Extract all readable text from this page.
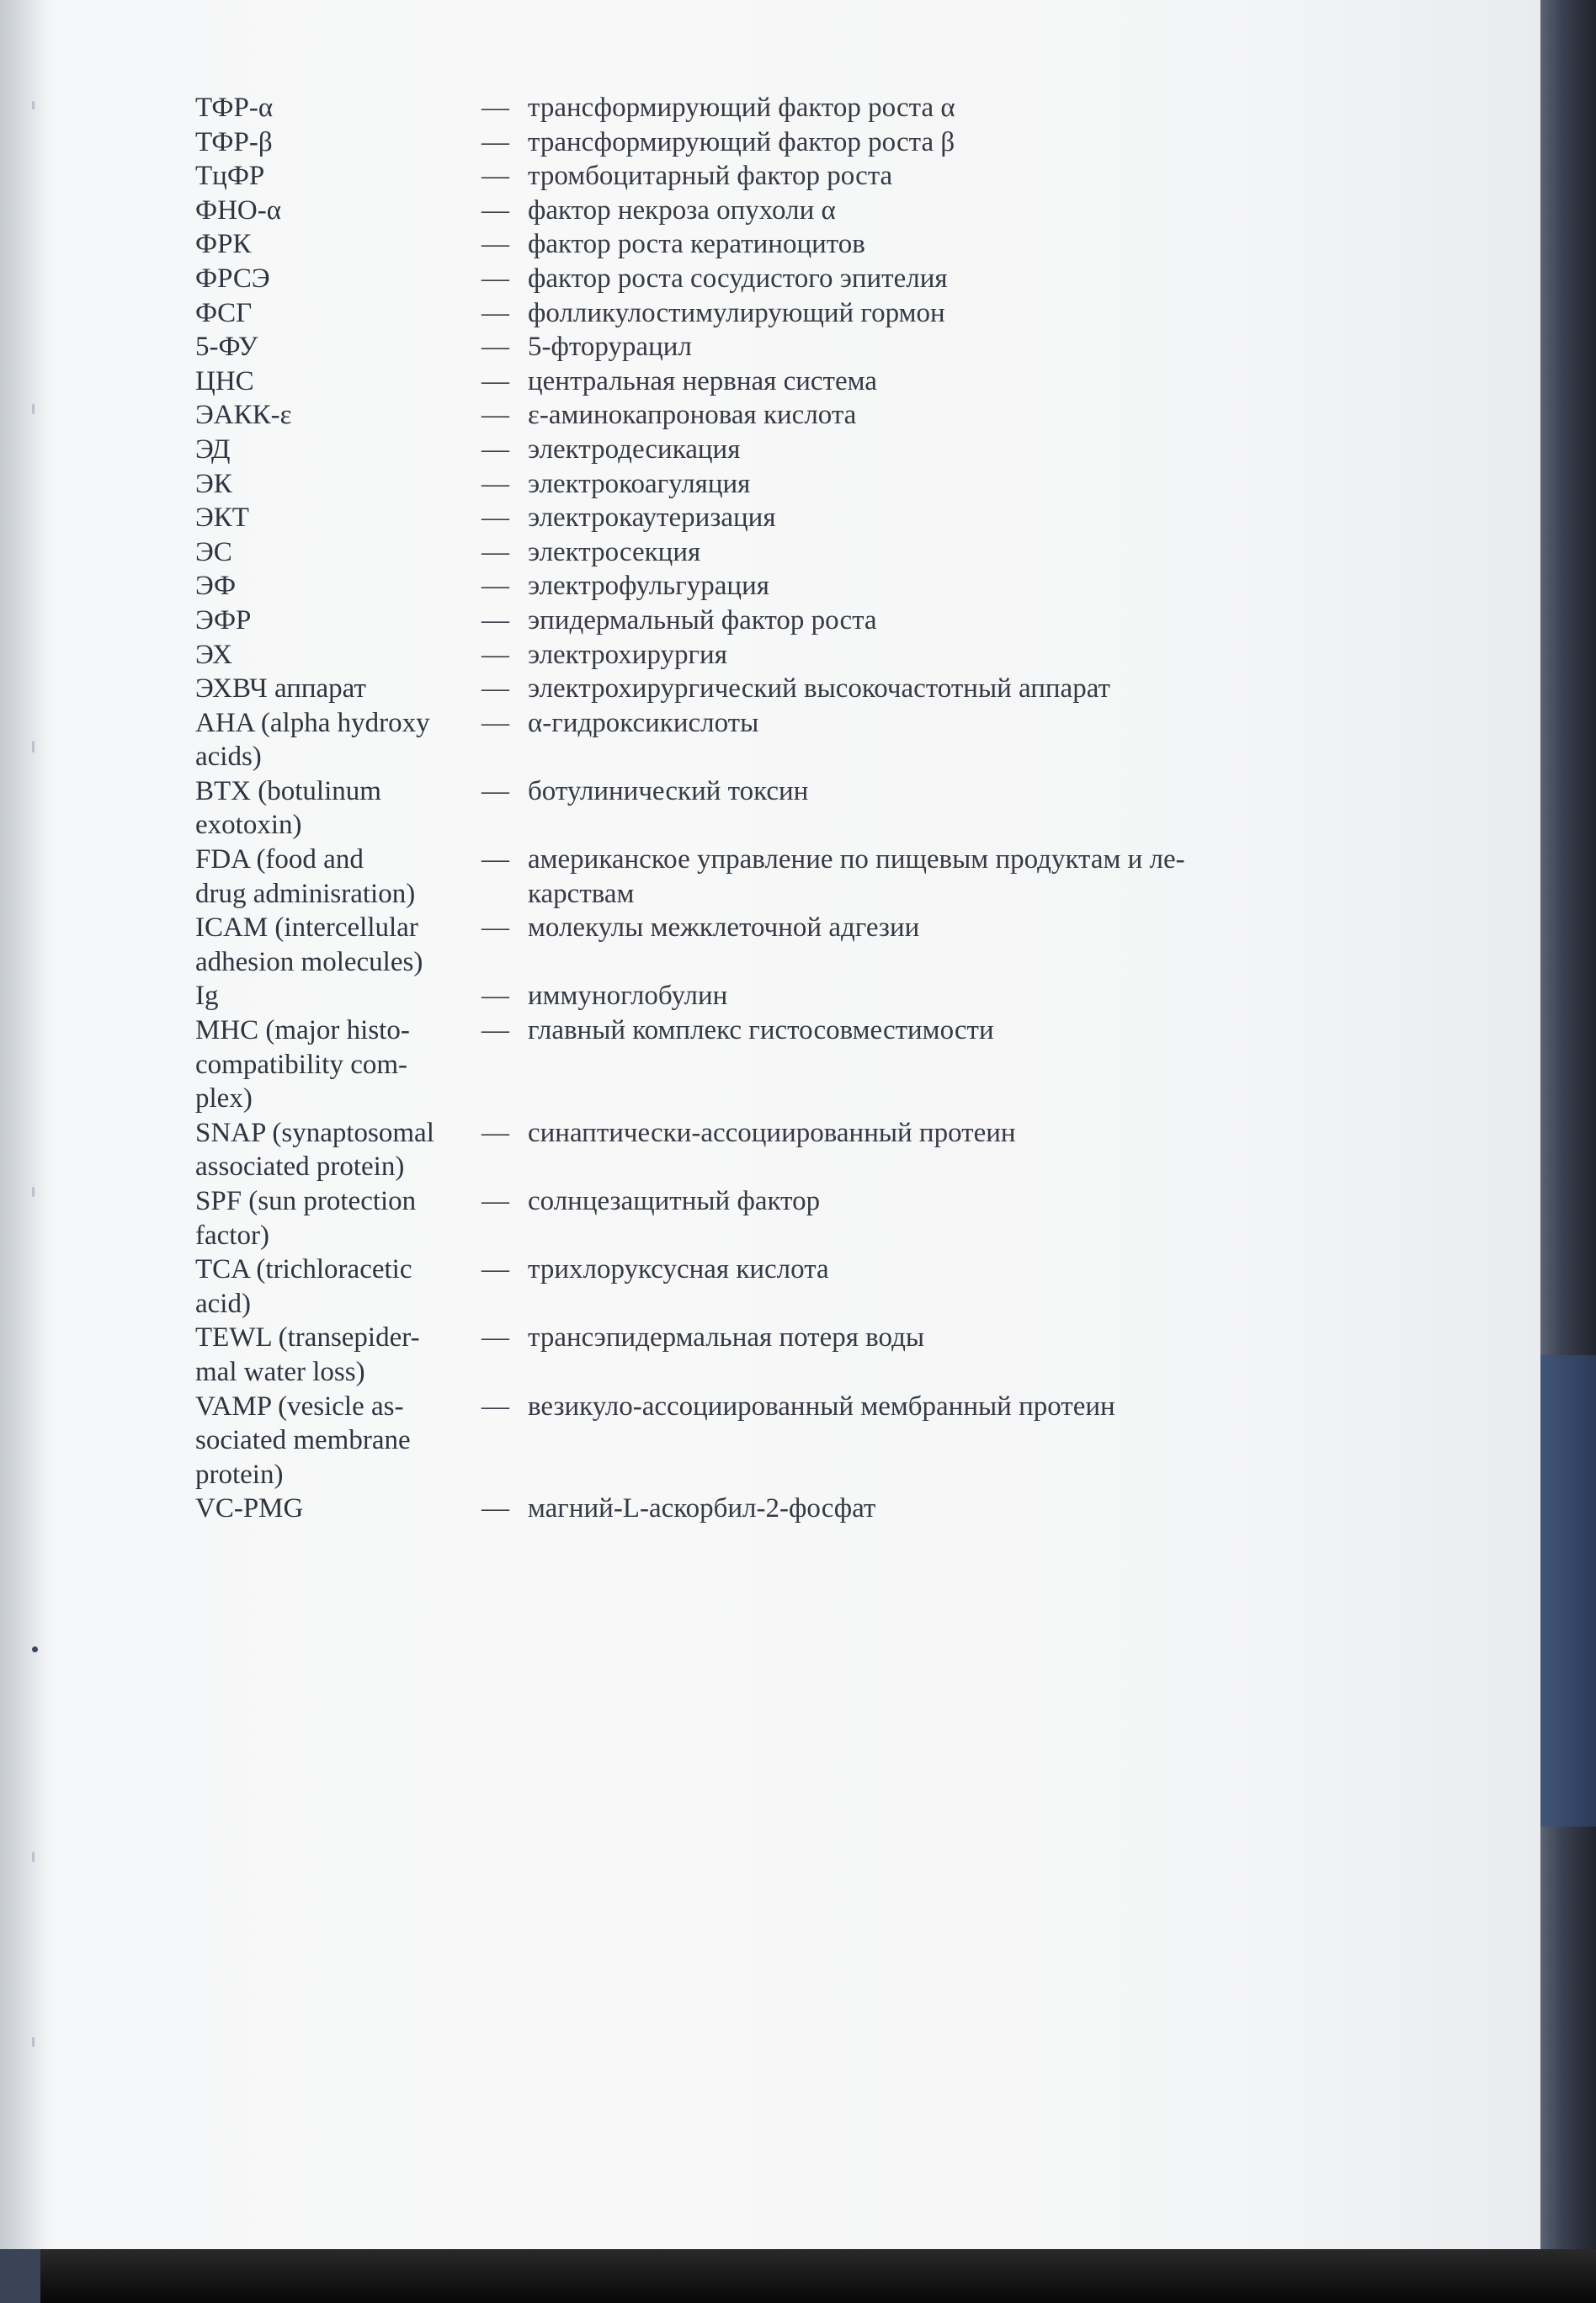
ТФР-α	— трансформирующий фактор роста α
ТФР-β	— трансформирующий фактор роста β
ТцФР	— тромбоцитарный фактор роста
ФНО-α	— фактор некроза опухоли α
ФРК	— фактор роста кератиноцитов
ФРСЭ	— фактор роста сосудистого эпителия
ФСГ	— фолликулостимулирующий гормон
5-ФУ	— 5-фторурацил
ЦНС	— центральная нервная система
ЭАКК-ε	— ε-аминокапроновая кислота
ЭД	— электродесикация
ЭК	— электрокоагуляция
ЭКТ	— электрокаутеризация
ЭС	— электросекция
ЭФ	— электрофульгурация
ЭФР	— эпидермальный фактор роста
ЭХ	— электрохирургия
ЭХВЧ аппарат	— электрохирургический высокочастотный аппарат
AHA (alpha hydroxy
acids)
— α-гидроксикислоты
BTX (botulinum
exotoxin)
— ботулинический токсин
FDA (food and
drug adminisration)
— американское управление по пищевым продуктам и ле-
карствам
ICAM (intercellular
adhesion molecules)
— молекулы межклеточной адгезии
Ig	— иммуноглобулин
MHC (major histo-
compatibility com-
plex)
— главный комплекс гистосовместимости
SNAP (synaptosomal
associated protein)
— синаптически-ассоциированный протеин
SPF (sun protection
factor)
— солнцезащитный фактор
TCA (trichloracetic
acid)
— трихлоруксусная кислота
TEWL (transepider-
mal water loss)
— трансэпидермальная потеря воды
VAMP (vesicle as-
sociated membrane
protein)
— везикуло-ассоциированный мембранный протеин
VC-PMG	— магний-L-аскорбил-2-фосфат
